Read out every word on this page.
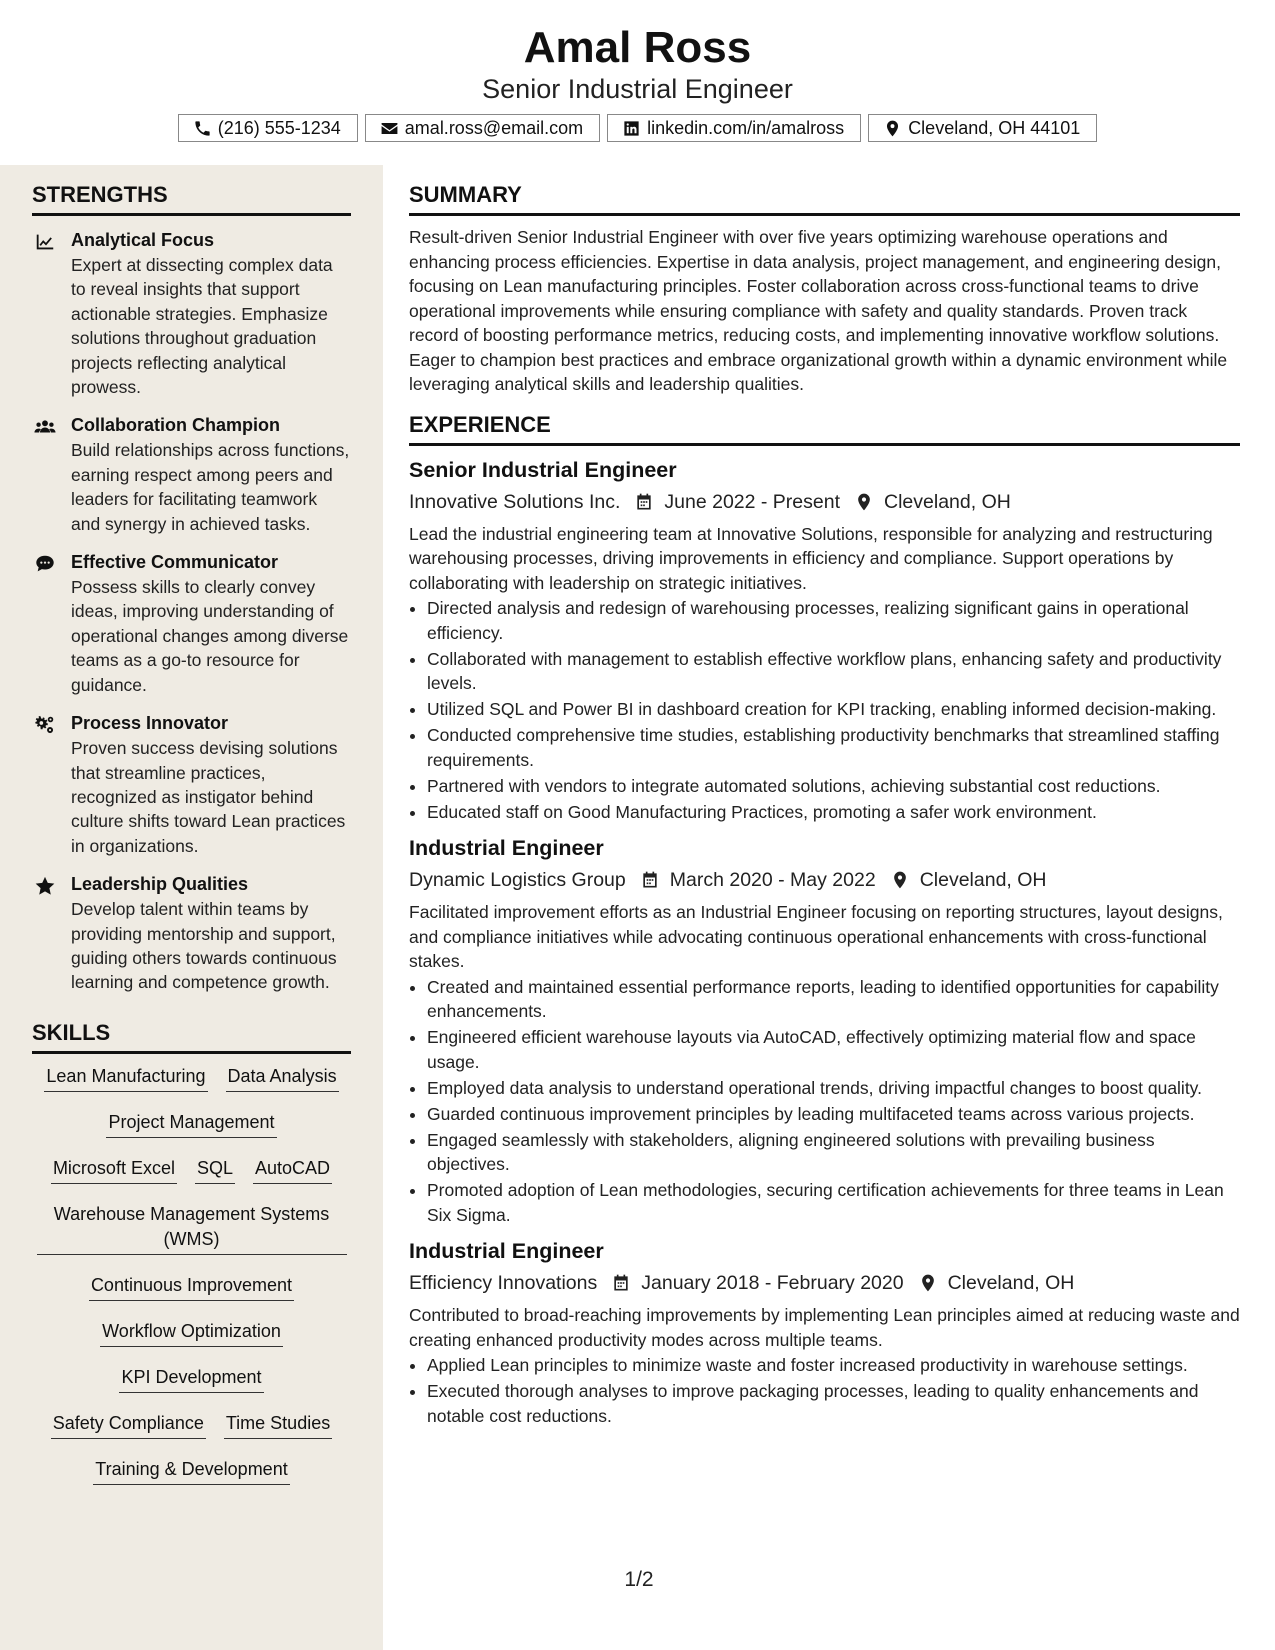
Amal Ross
Senior Industrial Engineer
(216) 555-1234	amal.ross@email.com	linkedin.com/in/amalross	Cleveland, OH 44101
STRENGTHS
Analytical Focus
Expert at dissecting complex data to reveal insights that support actionable strategies. Emphasize solutions throughout graduation projects reflecting analytical prowess.
Collaboration Champion
Build relationships across functions, earning respect among peers and leaders for facilitating teamwork and synergy in achieved tasks.
Effective Communicator
Possess skills to clearly convey ideas, improving understanding of operational changes among diverse teams as a go-to resource for guidance.
Process Innovator
Proven success devising solutions that streamline practices, recognized as instigator behind culture shifts toward Lean practices in organizations.
Leadership Qualities
Develop talent within teams by providing mentorship and support, guiding others towards continuous learning and competence growth.
SKILLS
Lean Manufacturing Data Analysis
Project Management
Microsoft Excel SQL AutoCAD
Warehouse Management Systems (WMS)
Continuous Improvement
Workflow Optimization
KPI Development
Safety Compliance Time Studies
Training & Development
SUMMARY
Result-driven Senior Industrial Engineer with over five years optimizing warehouse operations and enhancing process efficiencies. Expertise in data analysis, project management, and engineering design, focusing on Lean manufacturing principles. Foster collaboration across cross-functional teams to drive operational improvements while ensuring compliance with safety and quality standards. Proven track record of boosting performance metrics, reducing costs, and implementing innovative workflow solutions. Eager to champion best practices and embrace organizational growth within a dynamic environment while leveraging analytical skills and leadership qualities.
EXPERIENCE
Senior Industrial Engineer
Innovative Solutions Inc. June 2022 - Present Cleveland, OH
Lead the industrial engineering team at Innovative Solutions, responsible for analyzing and restructuring warehousing processes, driving improvements in efficiency and compliance. Support operations by collaborating with leadership on strategic initiatives.
• Directed analysis and redesign of warehousing processes, realizing significant gains in operational efficiency.
• Collaborated with management to establish effective workflow plans, enhancing safety and productivity levels.
• Utilized SQL and Power BI in dashboard creation for KPI tracking, enabling informed decision-making.
• Conducted comprehensive time studies, establishing productivity benchmarks that streamlined staffing requirements.
• Partnered with vendors to integrate automated solutions, achieving substantial cost reductions.
• Educated staff on Good Manufacturing Practices, promoting a safer work environment.
Industrial Engineer
Dynamic Logistics Group March 2020 - May 2022 Cleveland, OH
Facilitated improvement efforts as an Industrial Engineer focusing on reporting structures, layout designs, and compliance initiatives while advocating continuous operational enhancements with cross-functional stakes.
• Created and maintained essential performance reports, leading to identified opportunities for capability enhancements.
• Engineered efficient warehouse layouts via AutoCAD, effectively optimizing material flow and space usage.
• Employed data analysis to understand operational trends, driving impactful changes to boost quality.
• Guarded continuous improvement principles by leading multifaceted teams across various projects.
• Engaged seamlessly with stakeholders, aligning engineered solutions with prevailing business objectives.
• Promoted adoption of Lean methodologies, securing certification achievements for three teams in Lean Six Sigma.
Industrial Engineer
Efficiency Innovations January 2018 - February 2020 Cleveland, OH
Contributed to broad-reaching improvements by implementing Lean principles aimed at reducing waste and creating enhanced productivity modes across multiple teams.
• Applied Lean principles to minimize waste and foster increased productivity in warehouse settings.
• Executed thorough analyses to improve packaging processes, leading to quality enhancements and notable cost reductions.
1/2
